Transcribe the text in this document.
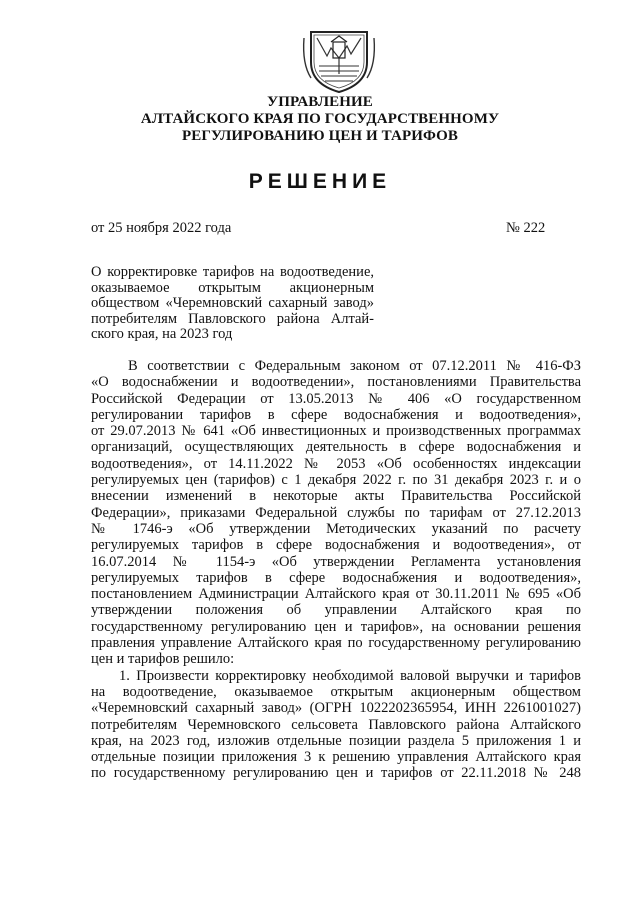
УПРАВЛЕНИЕ
АЛТАЙСКОГО КРАЯ ПО ГОСУДАРСТВЕННОМУ
РЕГУЛИРОВАНИЮ ЦЕН И ТАРИФОВ
РЕШЕНИЕ
от 25 ноября 2022 года	№ 222
О корректировке тарифов на водоотведение,
оказываемое открытым акционерным
обществом «Черемновский сахарный завод»
потребителям Павловского района Алтай-
ского края, на 2023 год
В соответствии с Федеральным законом от 07.12.2011 № 416-ФЗ
«О водоснабжении и водоотведении», постановлениями Правительства
Российской Федерации от 13.05.2013 № 406 «О государственном
регулировании тарифов в сфере водоснабжения и водоотведения»,
от 29.07.2013 № 641 «Об инвестиционных и производственных программах
организаций, осуществляющих деятельность в сфере водоснабжения и
водоотведения», от 14.11.2022 № 2053 «Об особенностях индексации
регулируемых цен (тарифов) с 1 декабря 2022 г. по 31 декабря 2023 г. и о
внесении изменений в некоторые акты Правительства Российской
Федерации», приказами Федеральной службы по тарифам от 27.12.2013
№ 1746-э «Об утверждении Методических указаний по расчету
регулируемых тарифов в сфере водоснабжения и водоотведения», от
16.07.2014 № 1154-э «Об утверждении Регламента установления
регулируемых тарифов в сфере водоснабжения и водоотведения»,
постановлением Администрации Алтайского края от 30.11.2011 № 695 «Об
утверждении положения об управлении Алтайского края по
государственному регулированию цен и тарифов», на основании решения
правления управление Алтайского края по государственному регулированию
цен и тарифов решило:
1. Произвести корректировку необходимой валовой выручки и тарифов
на водоотведение, оказываемое открытым акционерным обществом
«Черемновский сахарный завод» (ОГРН 1022202365954, ИНН 2261001027)
потребителям Черемновского сельсовета Павловского района Алтайского
края, на 2023 год, изложив отдельные позиции раздела 5 приложения 1 и
отдельные позиции приложения 3 к решению управления Алтайского края
по государственному регулированию цен и тарифов от 22.11.2018 № 248
